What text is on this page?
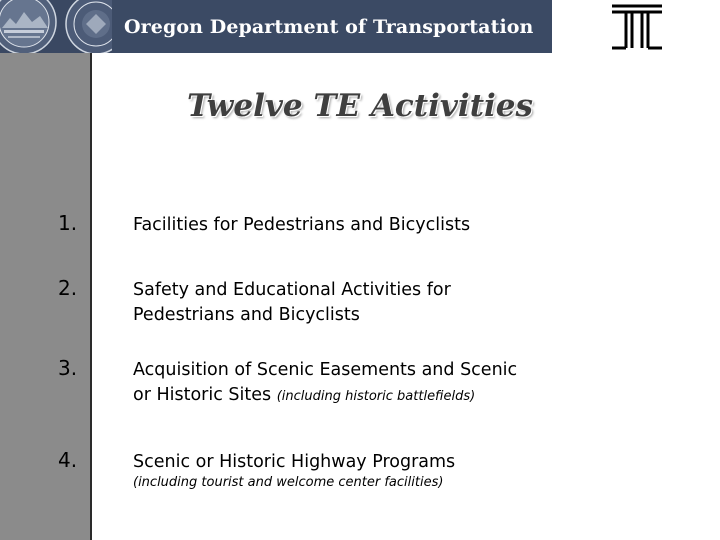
Oregon Department of Transportation
Twelve TE Activities
1.	Facilities for Pedestrians and Bicyclists
2.	Safety and Educational Activities for
Pedestrians and Bicyclists
3.	Acquisition of Scenic Easements and Scenic
or Historic Sites (including historic battlefields)
4.	Scenic or Historic Highway Programs
(including tourist and welcome center facilities)
